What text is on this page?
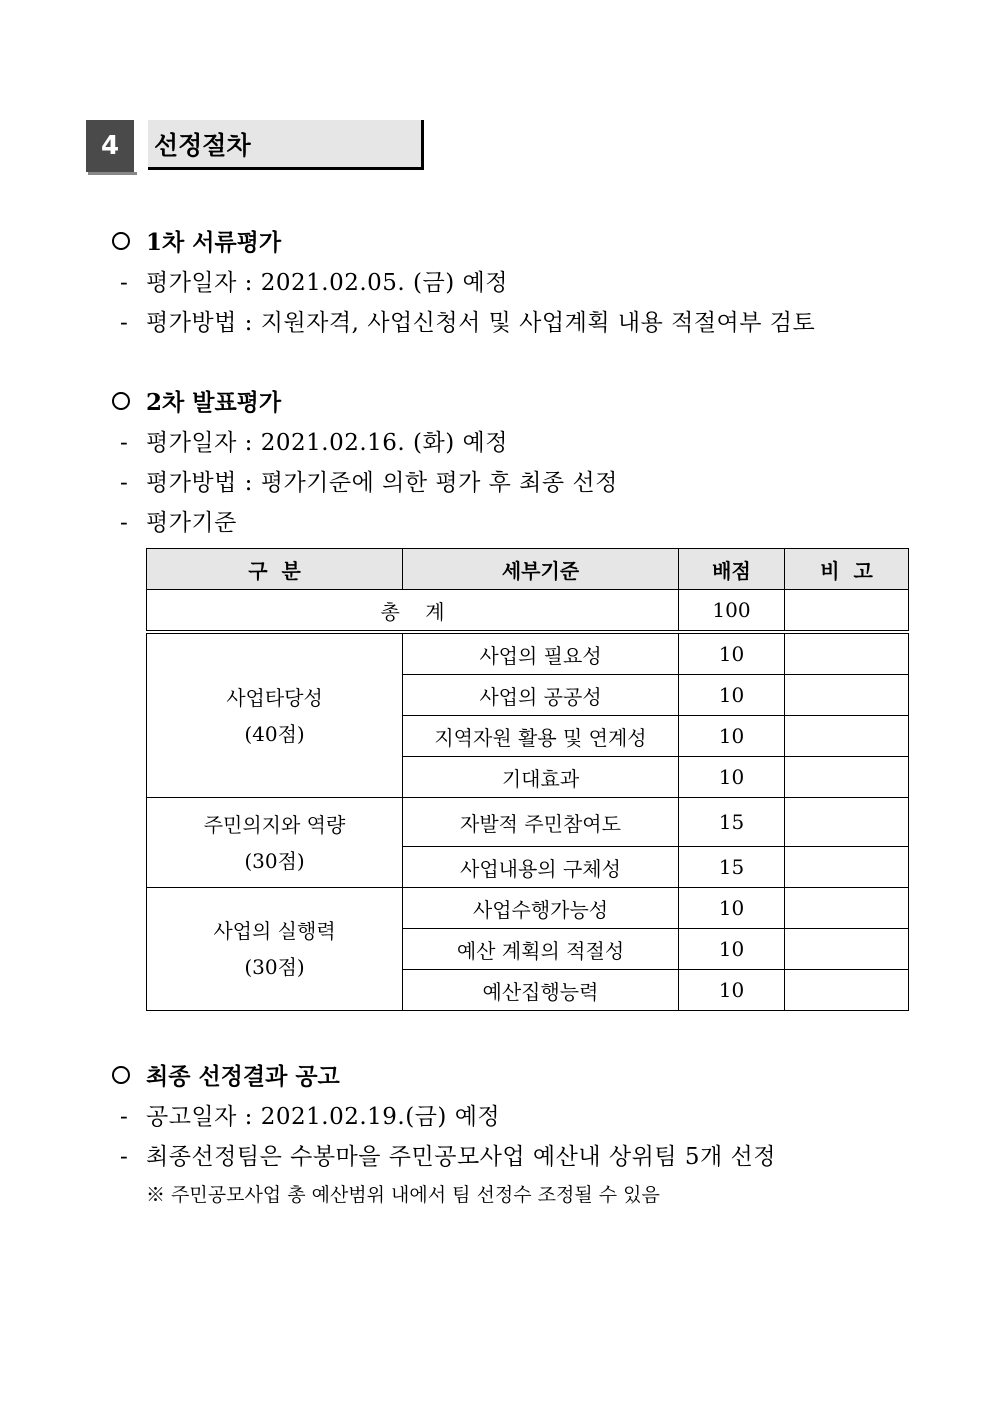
4 선정절차
1차 서류평가
- 평가일자 : 2021.02.05. (금) 예정
- 평가방법 : 지원자격, 사업신청서 및 사업계획 내용 적절여부 검토
2차 발표평가
- 평가일자 : 2021.02.16. (화) 예정
- 평가방법 : 평가기준에 의한 평가 후 최종 선정
- 평가기준
구  분	세부기준	배점	비  고
총    계		100	

사업타당성
(40점)	사업의 필요성	10	
	사업의 공공성	10	
	지역자원 활용 및 연계성	10	
	기대효과	10	

주민의지와 역량
(30점)	자발적 주민참여도	15	
	사업내용의 구체성	15	

사업의 실행력
(30점)	사업수행가능성	10	
	예산 계획의 적절성	10	
	예산집행능력	10	
최종 선정결과 공고
- 공고일자 : 2021.02.19.(금) 예정
- 최종선정팀은 수봉마을 주민공모사업 예산내 상위팀 5개 선정
※ 주민공모사업 총 예산범위 내에서 팀 선정수 조정될 수 있음
